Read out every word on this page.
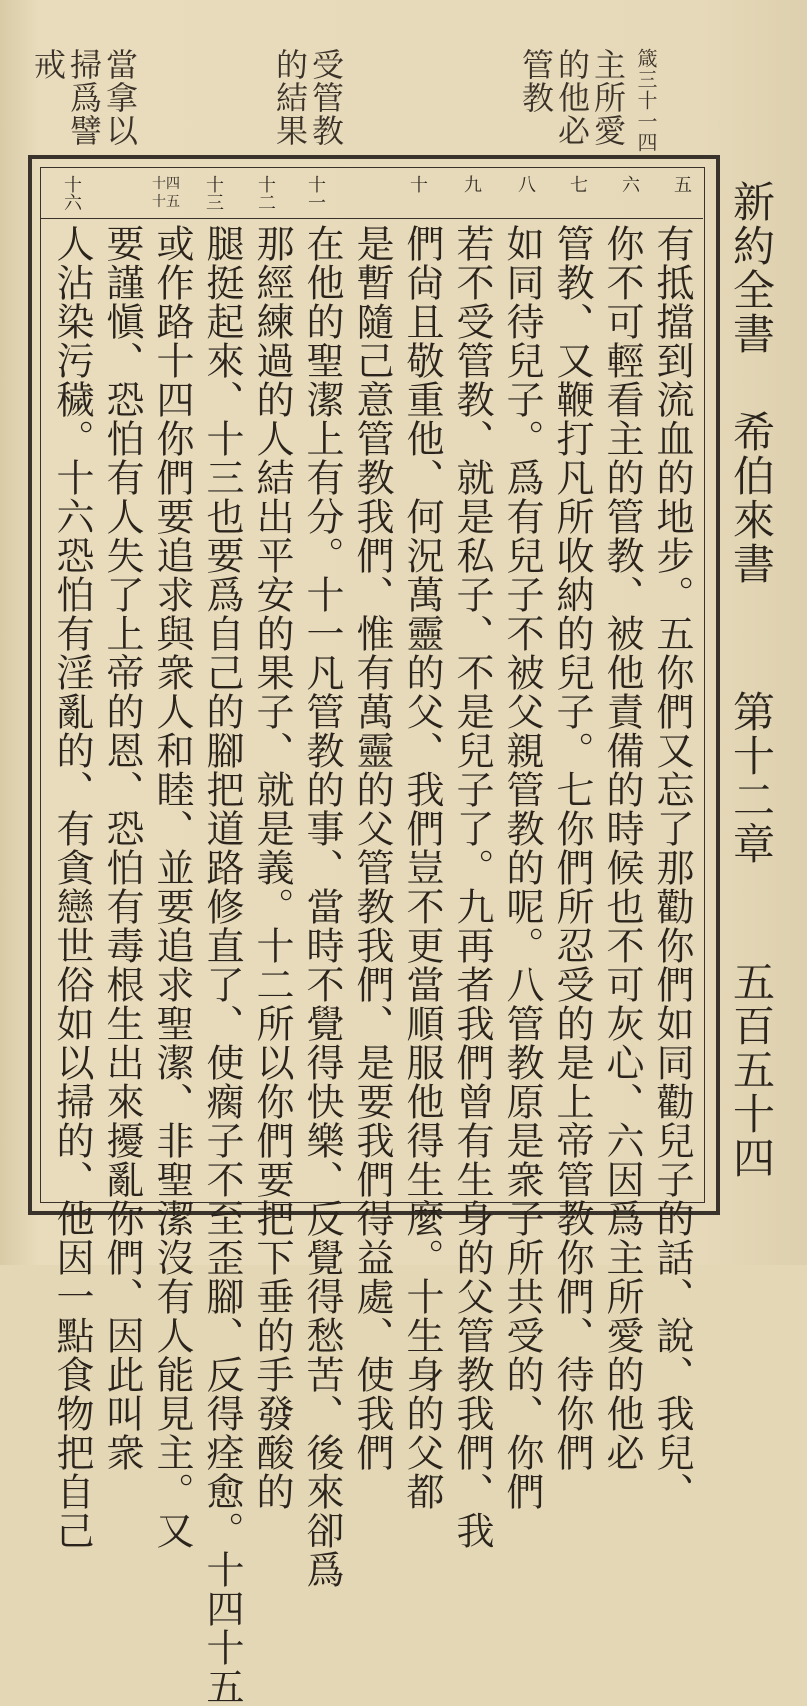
箴三十一四
主所愛
的他必
管教
受管教
的結果
當拿以
掃爲譬
戒
五
六
七
八
九
十
十一
十二
十三
十四十五
十六
有抵擋到流血的地步。五你們又忘了那勸你們如同勸兒子的話、說、我兒、
你不可輕看主的管教、被他責備的時候也不可灰心、六因爲主所愛的他必
管教、又鞭打凡所收納的兒子。七你們所忍受的是上帝管教你們、待你們
如同待兒子。爲有兒子不被父親管教的呢。八管教原是衆子所共受的、你們
若不受管教、就是私子、不是兒子了。九再者我們曾有生身的父管教我們、我
們尙且敬重他、何況萬靈的父、我們豈不更當順服他得生麼。十生身的父都
是暫隨己意管教我們、惟有萬靈的父管教我們、是要我們得益處、使我們
在他的聖潔上有分。十一凡管教的事、當時不覺得快樂、反覺得愁苦、後來卻爲
那經練過的人結出平安的果子、就是義。十二所以你們要把下垂的手發酸的
腿挺起來、十三也要爲自己的腳把道路修直了、使瘸子不至歪腳、反得痊愈。十四十五
或作路十四你們要追求與衆人和睦、並要追求聖潔、非聖潔沒有人能見主。又
要謹愼、恐怕有人失了上帝的恩、恐怕有毒根生出來擾亂你們、因此叫衆
人沾染污穢。十六恐怕有淫亂的、有貪戀世俗如以掃的、他因一點食物把自己	新約全書
希伯來書
第十二章
五百五十四
